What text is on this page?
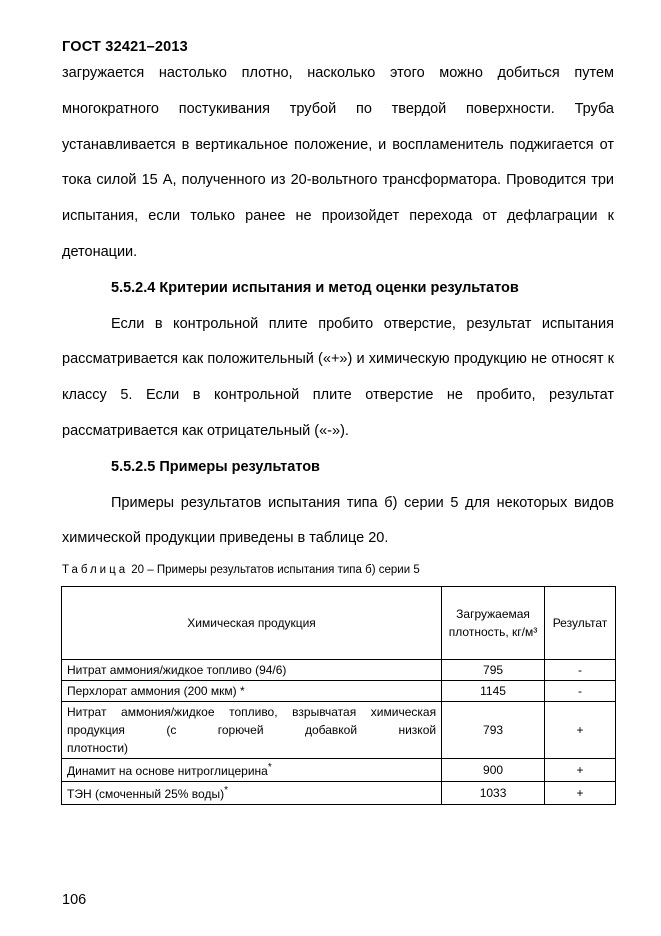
ГОСТ 32421–2013

загружается настолько плотно, насколько этого можно добиться путем многократного постукивания трубой по твердой поверхности. Труба устанавливается в вертикальное положение, и воспламенитель поджигается от тока силой 15 А, полученного из 20-вольтного трансформатора. Проводится три испытания, если только ранее не произойдет перехода от дефлаграции к детонации.

5.5.2.4 Критерии испытания и метод оценки результатов

Если в контрольной плите пробито отверстие, результат испытания рассматривается как положительный («+») и химическую продукцию не относят к классу 5. Если в контрольной плите отверстие не пробито, результат рассматривается как отрицательный («-»).

5.5.2.5 Примеры результатов

Примеры результатов испытания типа б) серии 5 для некоторых видов химической продукции приведены в таблице 20.

Таблица 20 – Примеры результатов испытания типа б) серии 5
Химическая продукция	Загружаемая плотность, кг/м³	Результат
Нитрат аммония/жидкое топливо (94/6)	795	-
Перхлорат аммония (200 мкм) *	1145	-
Нитрат аммония/жидкое топливо, взрывчатая химическая продукция (с горючей добавкой низкой
плотности)	793	+
Динамит на основе нитроглицерина*	900	+
ТЭН (смоченный 25% воды)*	1033	+
106
